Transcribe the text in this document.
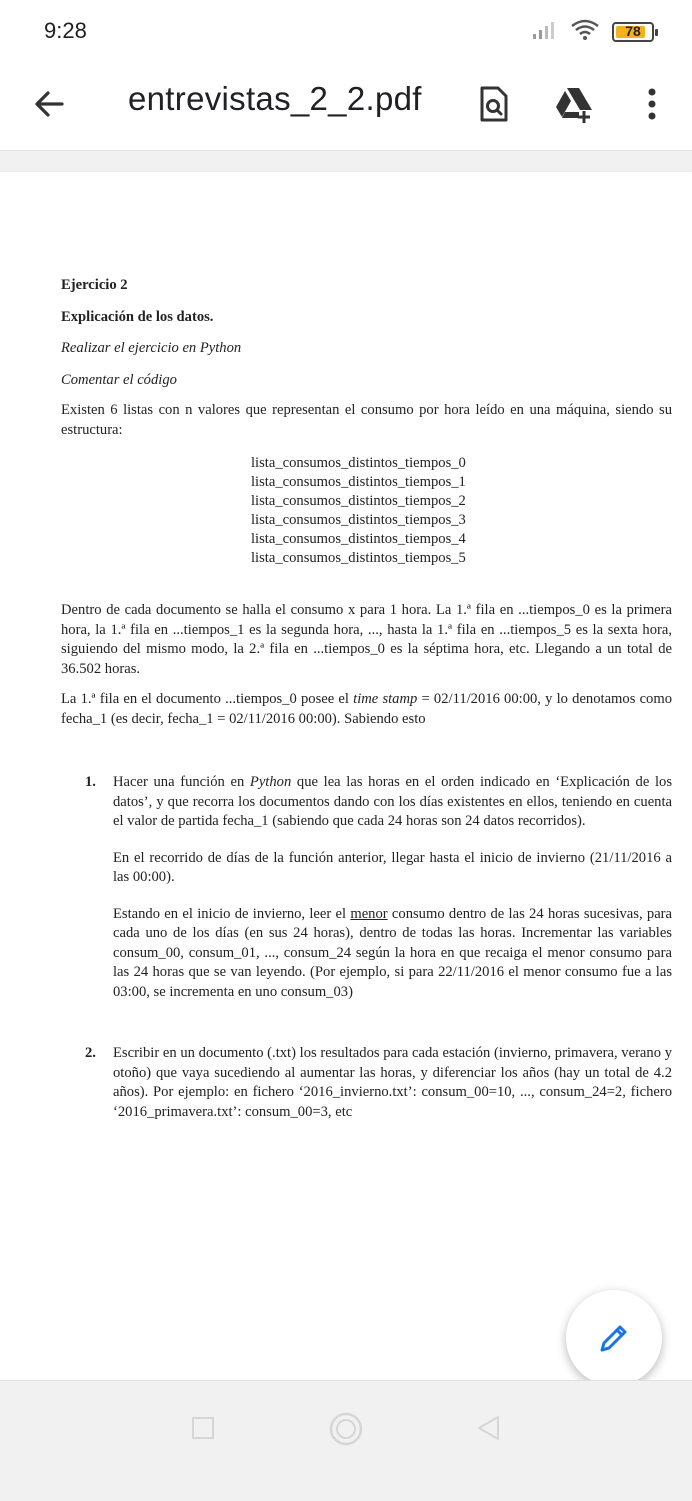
9:28	78
entrevistas_2_2.pdf

Ejercicio 2

Explicación de los datos.

Realizar el ejercicio en Python

Comentar el código

Existen 6 listas con n valores que representan el consumo por hora leído en una máquina, siendo su estructura:

lista_consumos_distintos_tiempos_0

lista_consumos_distintos_tiempos_1

lista_consumos_distintos_tiempos_2

lista_consumos_distintos_tiempos_3

lista_consumos_distintos_tiempos_4

lista_consumos_distintos_tiempos_5

Dentro de cada documento se halla el consumo x para 1 hora. La 1.ª fila en ...tiempos_0 es la primera hora, la 1.ª fila en ...tiempos_1 es la segunda hora, ..., hasta la 1.ª fila en ...tiempos_5 es la sexta hora, siguiendo del mismo modo, la 2.ª fila en ...tiempos_0 es la séptima hora, etc. Llegando a un total de 36.502 horas.

La 1.ª fila en el documento ...tiempos_0 posee el time stamp = 02/11/2016 00:00, y lo denotamos como fecha_1 (es decir, fecha_1 = 02/11/2016 00:00). Sabiendo esto

1. Hacer una función en Python que lea las horas en el orden indicado en ‘Explicación de los datos’, y que recorra los documentos dando con los días existentes en ellos, teniendo en cuenta el valor de partida fecha_1 (sabiendo que cada 24 horas son 24 datos recorridos).

En el recorrido de días de la función anterior, llegar hasta el inicio de invierno (21/11/2016 a las 00:00).

Estando en el inicio de invierno, leer el menor consumo dentro de las 24 horas sucesivas, para cada uno de los días (en sus 24 horas), dentro de todas las horas. Incrementar las variables consum_00, consum_01, ..., consum_24 según la hora en que recaiga el menor consumo para las 24 horas que se van leyendo. (Por ejemplo, si para 22/11/2016 el menor consumo fue a las 03:00, se incrementa en uno consum_03)

2. Escribir en un documento (.txt) los resultados para cada estación (invierno, primavera, verano y otoño) que vaya sucediendo al aumentar las horas, y diferenciar los años (hay un total de 4.2 años). Por ejemplo: en fichero ‘2016_invierno.txt’: consum_00=10, ..., consum_24=2, fichero ‘2016_primavera.txt’: consum_00=3, etc
